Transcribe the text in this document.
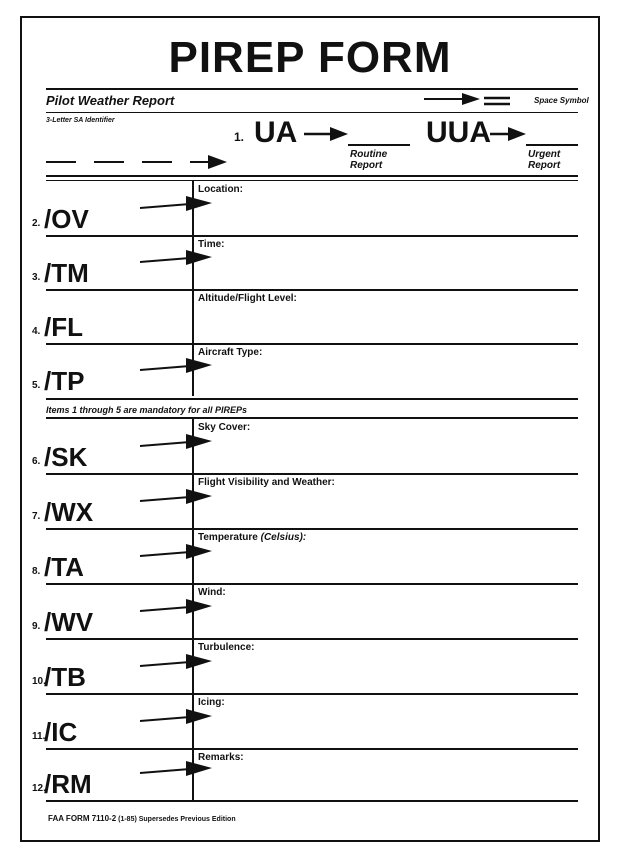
PIREP FORM
Pilot Weather Report	Space Symbol
3-Letter SA Identifier
1. UA
Routine
Report
UUA
Urgent
Report
Items 1 through 5 are mandatory for all PIREPs
2. /OV
Location:
3. /TM
Time:
4. /FL
Altitude/Flight Level:
5. /TP
Aircraft Type:
6. /SK
Sky Cover:
7. /WX
Flight Visibility and Weather:
8. /TA
Temperature (Celsius):
9. /WV
Wind:
10.
/TB
Turbulence:
11.
/IC
Icing:
12.
/RM
Remarks:
FAA FORM 7110-2 (1-85) Supersedes Previous Edition
